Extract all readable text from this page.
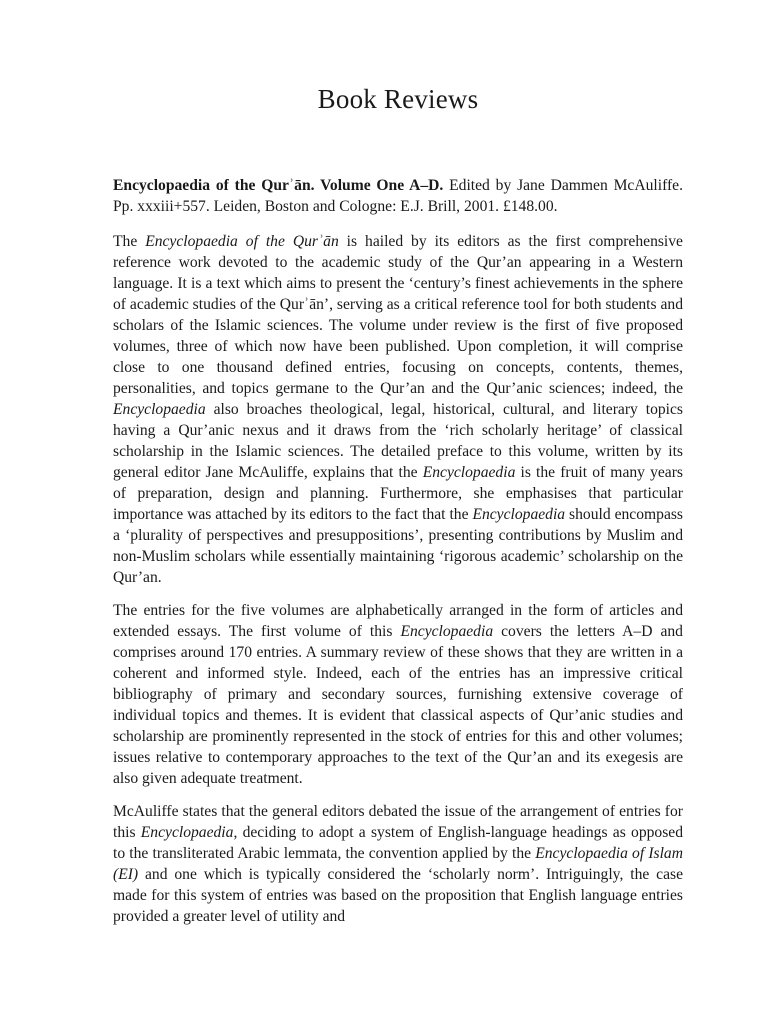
Book Reviews

Encyclopaedia of the Qurʾān. Volume One A–D. Edited by Jane Dammen McAuliffe. Pp. xxxiii+557. Leiden, Boston and Cologne: E.J. Brill, 2001. £148.00.

The Encyclopaedia of the Qurʾān is hailed by its editors as the first comprehensive reference work devoted to the academic study of the Qur’an appearing in a Western language. It is a text which aims to present the ‘century’s finest achievements in the sphere of academic studies of the Qurʾān’, serving as a critical reference tool for both students and scholars of the Islamic sciences. The volume under review is the first of five proposed volumes, three of which now have been published. Upon completion, it will comprise close to one thousand defined entries, focusing on concepts, contents, themes, personalities, and topics germane to the Qur’an and the Qur’anic sciences; indeed, the Encyclopaedia also broaches theological, legal, historical, cultural, and literary topics having a Qur’anic nexus and it draws from the ‘rich scholarly heritage’ of classical scholarship in the Islamic sciences. The detailed preface to this volume, written by its general editor Jane McAuliffe, explains that the Encyclopaedia is the fruit of many years of preparation, design and planning. Furthermore, she emphasises that particular importance was attached by its editors to the fact that the Encyclopaedia should encompass a ‘plurality of perspectives and presuppositions’, presenting contributions by Muslim and non-Muslim scholars while essentially maintaining ‘rigorous academic’ scholarship on the Qur’an.

The entries for the five volumes are alphabetically arranged in the form of articles and extended essays. The first volume of this Encyclopaedia covers the letters A–D and comprises around 170 entries. A summary review of these shows that they are written in a coherent and informed style. Indeed, each of the entries has an impressive critical bibliography of primary and secondary sources, furnishing extensive coverage of individual topics and themes. It is evident that classical aspects of Qur’anic studies and scholarship are prominently represented in the stock of entries for this and other volumes; issues relative to contemporary approaches to the text of the Qur’an and its exegesis are also given adequate treatment.

McAuliffe states that the general editors debated the issue of the arrangement of entries for this Encyclopaedia, deciding to adopt a system of English-language headings as opposed to the transliterated Arabic lemmata, the convention applied by the Encyclopaedia of Islam (EI) and one which is typically considered the ‘scholarly norm’. Intriguingly, the case made for this system of entries was based on the proposition that English language entries provided a greater level of utility and
